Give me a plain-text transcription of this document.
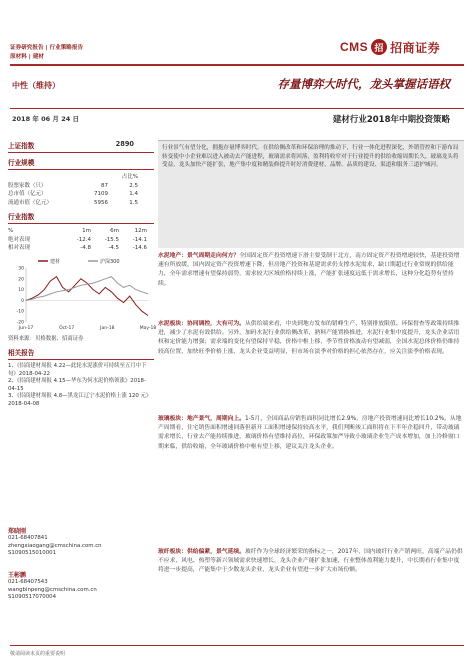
证券研究报告 | 行业策略报告
原材料 | 建材
CMS 招 招商证券
中性（维持）	存量博弈大时代，龙头掌握话语权
2018 年 06 月 24 日	建材行业2018年中期投资策略
上证指数	2890
行业规模
占比%
股票家数（只）	87	2.5
总市值（亿元）	7109	1.4
流通市值（亿元）	5956	1.5
行业指数
%	1m	6m	12m
绝对表现	-12.4	-15.5	-14.1
相对表现	-4.8	-4.5	-14.6
建材	沪深300
30
20
10
0
-10
-20
Jun-17	Oct-17	Jan-18	May-18
资料来源：贝格数据、招商证券
相关报告
1、《招商建材周报 4.22—此轮水泥涨价可持续至五月中下旬》2018-04-22
2、《招商建材周报 4.15—华东为何水泥价格领涨》2018-04-15
3、《招商建材周报 4.8—黑龙江辽宁水泥价格上涨 120 元》2018-04-08
郑晓刚
021-68407841
zhengxiaogang@cmschina.com.cn
S1090515010001
王彬鹏
021-68407543
wangbinpeng@cmschina.com.cn
S1090517070004
行业景气有望分化，拥抱存量博弈时代。在供给侧改革和环保治理的推动下，行业一体化进程深化，外销管控和下游布局转变使中小企业难以进入被动去产能进程，玻璃需求将回落，盈利将收窄对于行业提升的供给收缩周期长久，玻璃龙头将受益，龙头加快产能扩张，地产集中度和精装修提升时好消费建材、品牌、品质的建设、渠道和服务三道护城河。
水泥地产：景气周期走向何方？全国固定资产投资增速下滑主要受制于北方，南方固定资产投资增速较快，基建投资增速有所放缓，国内固定资产投资增速下降，但房地产投资和基建需求仍支撑水泥需求，缺口期超过行业常规的供给能力，全年需求增速有望保持弱势，需求较大区域价格持续上涨，产能扩张速度远低于需求增长，这种分化趋势有望持续。
水泥板块：协同调控，大有可为。从供给端来看，中央到地方发布的错峰生产、特别排放限值、环保督查等政策持续推进，减少了水泥有效供给。另外，加码水泥行业供给侧改革，熟料产能置换推进，水泥行业集中度提升，龙头企业话语权和定价能力增强；需求端的变化有望保持平稳，价格中枢上移，季节性价格波动有望减弱，全国水泥总体价格仍维持较高位置，加快旺季价格上涨，龙头企业受益明显，但市场在淡季对价格的担心依然存在，应关注淡季价格表现。
玻璃板块：地产景气，周期向上。1-5月，全国商品房销售面积同比增长2.9%，房地产投资增速同比增长10.2%。从地产周期看，住宅销售面积增速回落但新开工面积增速保持较高水平，我们判断竣工面积将在下半年企稳回升，带动玻璃需求增长，行业去产能持续推进，玻璃价格有望维持高位，环保政策加严导致小玻璃企业生产成本增加，加上冷修窗口期来临，供给收缩，全年玻璃价格中枢有望上移，建议关注龙头企业。
玻纤板块：供给偏紧，景气延续。玻纤作为全球经济繁荣的指标之一，2017年，国内玻纤行业产销两旺，高端产品仍供不应求，风电、热塑等新兴领域需求快速增长，龙头企业产能扩张加速，行业整体盈利能力提升，中长期看行业集中度将进一步提高，产能集中于少数龙头企业，龙头企业有望进一步扩大市场份额。
敬请阅读末页的重要说明
